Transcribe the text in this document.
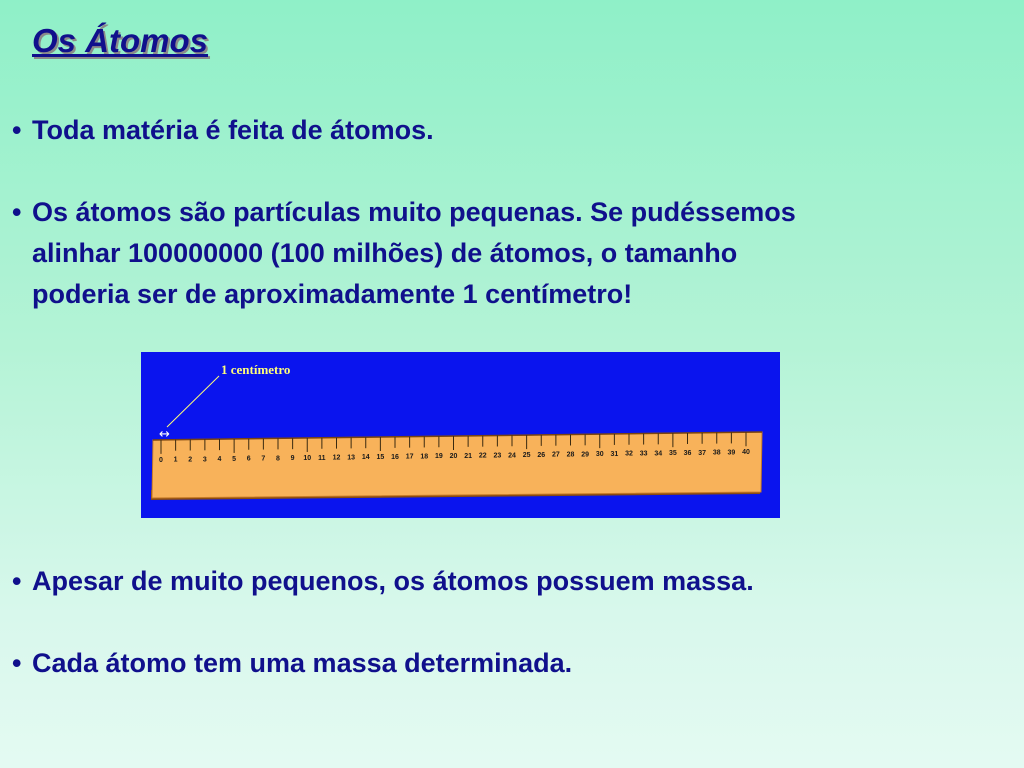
Os Átomos
• Toda matéria é feita de átomos.
• Os átomos são partículas muito pequenas. Se pudéssemos
alinhar 100000000 (100 milhões) de átomos, o tamanho
poderia ser de aproximadamente 1 centímetro!
1 centímetro
↔
0 1 2 3 4 5 6 7 8 9 10 11 12 13 14 15 16 17 18 19 20 21 22 23 24 25 26 27 28 29 30 31 32 33 34 35 36 37 38 39 40
• Apesar de muito pequenos, os átomos possuem massa.
• Cada átomo tem uma massa determinada.
